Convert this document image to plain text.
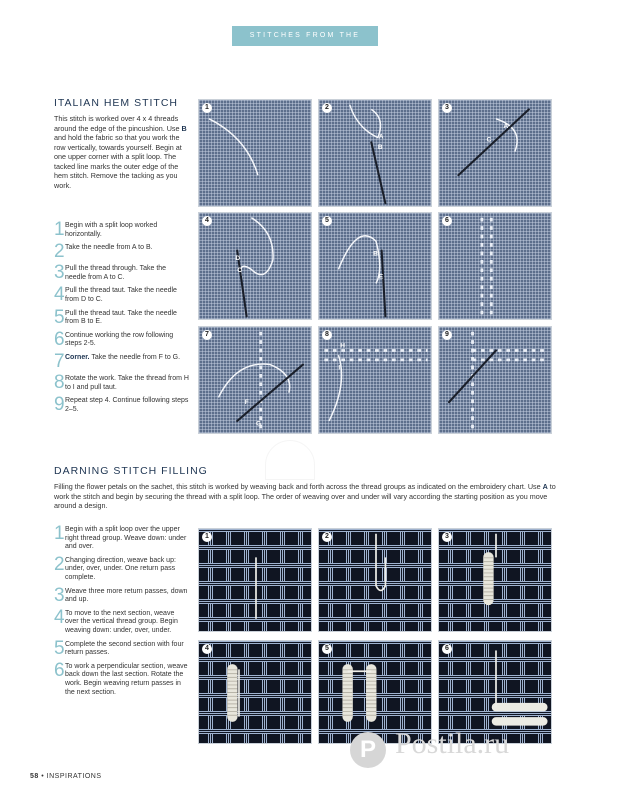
STITCHES FROM THE HEART
ITALIAN HEM STITCH

This stitch is worked over 4 x 4 threads around the edge of the pincushion. Use B and hold the fabric so that you work the row vertically, towards yourself. Begin at one upper corner with a split loop. The tacked line marks the outer edge of the hem stitch. Remove the tacking as you work.

1 Begin with a split loop worked horizontally.
2 Take the needle from A to B.
3 Pull the thread through. Take the needle from A to C.
4 Pull the thread taut. Take the needle from D to C.
5 Pull the thread taut. Take the needle from B to E.
6 Continue working the row following steps 2-5.
7 Corner. Take the needle from F to G.
8 Rotate the work. Take the thread from H to I and pull taut.
9 Repeat step 4. Continue following steps 2–5.
1
A
B
2
A
C
3
D
C
4
B
E
5	6
F
G
7
H
I
8	9
DARNING STITCH FILLING

Filling the flower petals on the sachet, this stitch is worked by weaving back and forth across the thread groups as indicated on the embroidery chart. Use A to work the stitch and begin by securing the thread with a split loop. The order of weaving over and under will vary according the starting position as you move around a design.

1 Begin with a split loop over the upper right thread group. Weave down: under and over.
2 Changing direction, weave back up: under, over, under. One return pass complete.
3 Weave three more return passes, down and up.
4 To move to the next section, weave over the vertical thread group. Begin weaving down: under, over, under.
5 Complete the second section with four return passes.
6 To work a perpendicular section, weave back down the last section. Rotate the work. Begin weaving return passes in the next section.
1	2	3
4	5	6
58 • INSPIRATIONS
P Postila.ru
